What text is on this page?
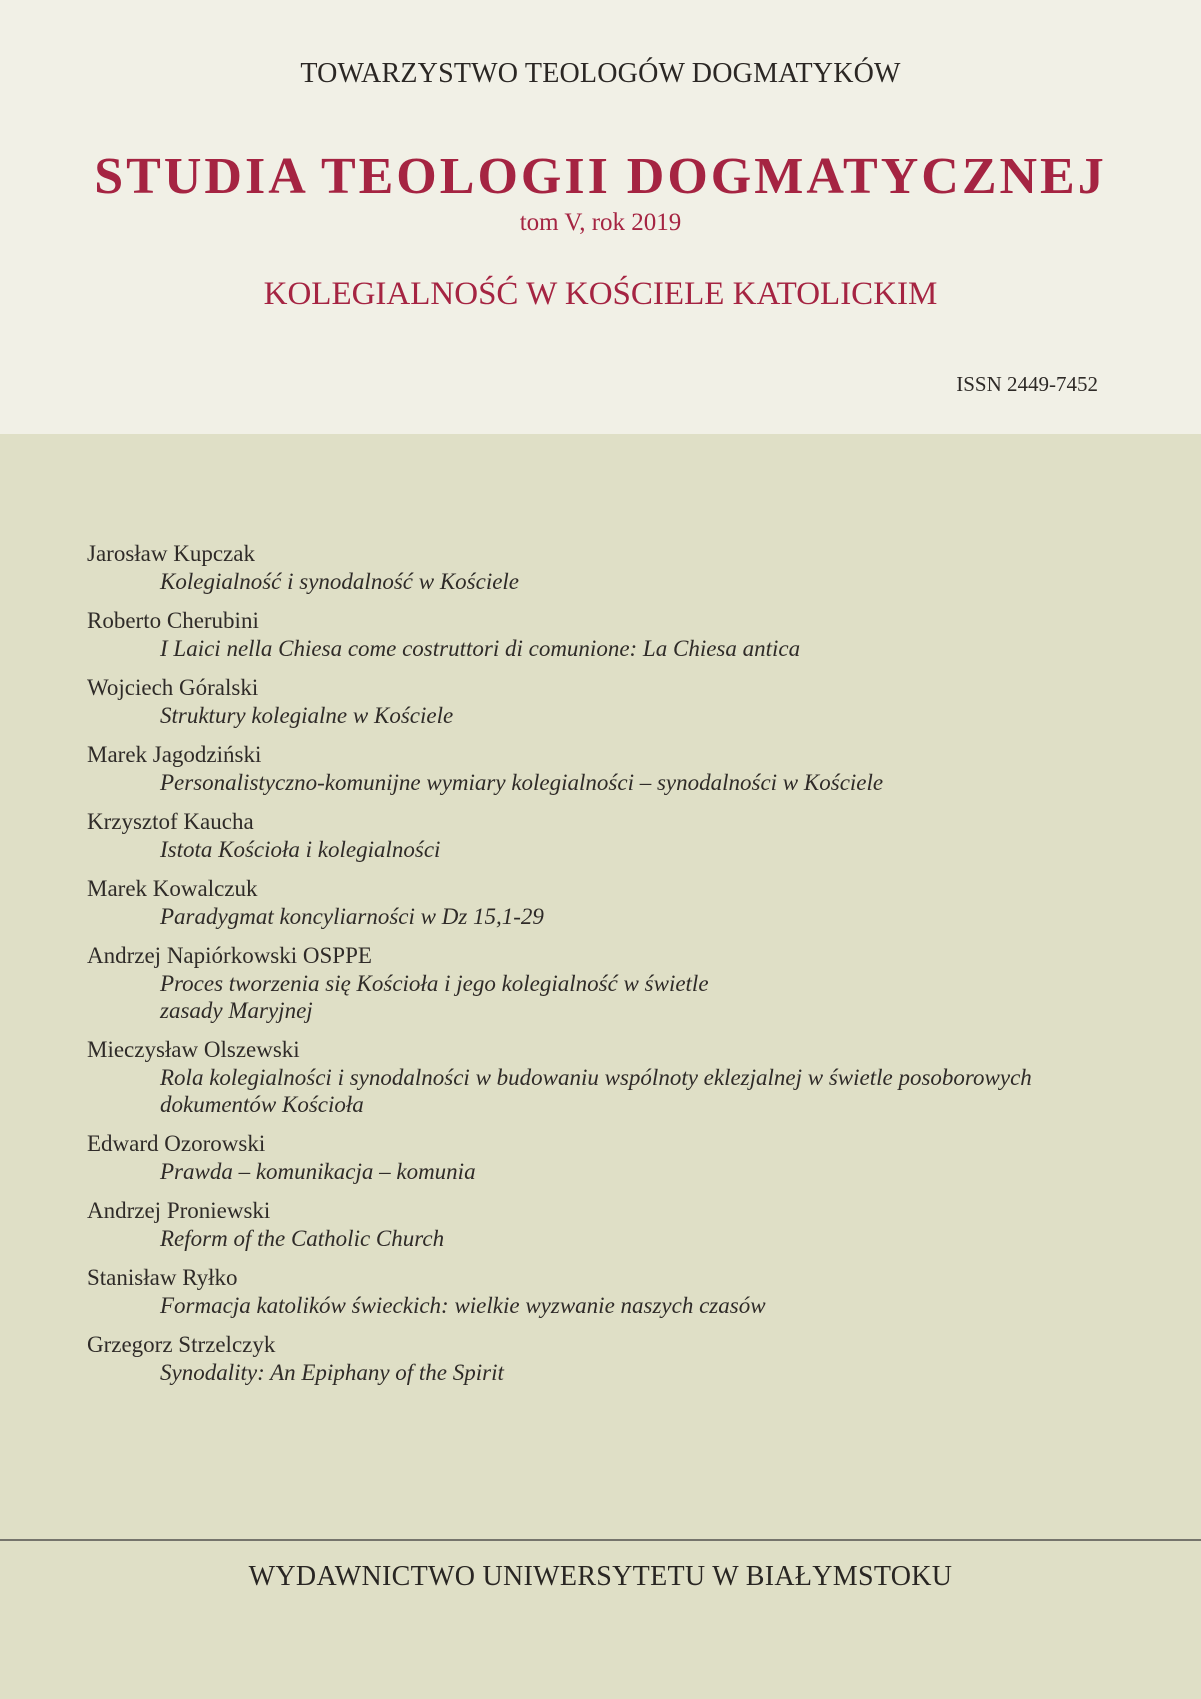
TOWARZYSTWO TEOLOGÓW DOGMATYKÓW
STUDIA TEOLOGII DOGMATYCZNEJ
tom V, rok 2019
KOLEGIALNOŚĆ W KOŚCIELE KATOLICKIM
ISSN 2449-7452
Jarosław Kupczak
Kolegialność i synodalność w Kościele
Roberto Cherubini
I Laici nella Chiesa come costruttori di comunione: La Chiesa antica
Wojciech Góralski
Struktury kolegialne w Kościele
Marek Jagodziński
Personalistyczno-komunijne wymiary kolegialności – synodalności w Kościele
Krzysztof Kaucha
Istota Kościoła i kolegialności
Marek Kowalczuk
Paradygmat koncyliarności w Dz 15,1-29
Andrzej Napiórkowski OSPPE
Proces tworzenia się Kościoła i jego kolegialność w świetle zasady Maryjnej
Mieczysław Olszewski
Rola kolegialności i synodalności w budowaniu wspólnoty eklezjalnej w świetle posoborowych dokumentów Kościoła
Edward Ozorowski
Prawda – komunikacja – komunia
Andrzej Proniewski
Reform of the Catholic Church
Stanisław Ryłko
Formacja katolików świeckich: wielkie wyzwanie naszych czasów
Grzegorz Strzelczyk
Synodality: An Epiphany of the Spirit
WYDAWNICTWO UNIWERSYTETU W BIAŁYMSTOKU
